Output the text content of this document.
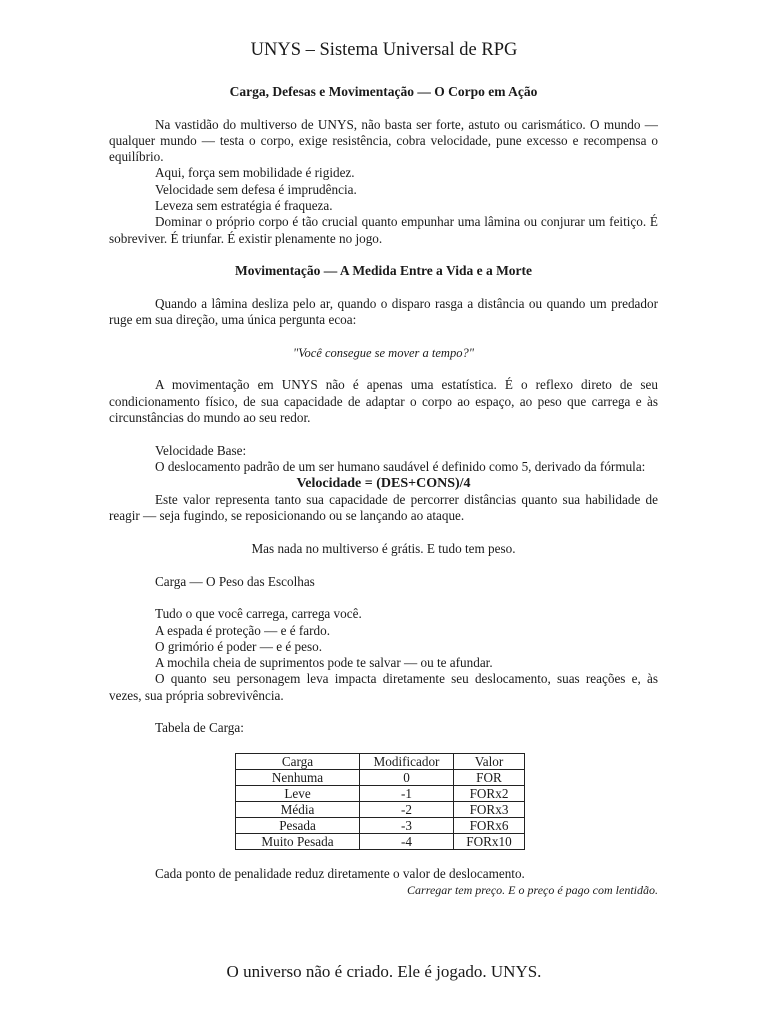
UNYS – Sistema Universal de RPG

Carga, Defesas e Movimentação — O Corpo em Ação

Na vastidão do multiverso de UNYS, não basta ser forte, astuto ou carismático. O mundo — qualquer mundo — testa o corpo, exige resistência, cobra velocidade, pune excesso e recompensa o equilíbrio.

Aqui, força sem mobilidade é rigidez.

Velocidade sem defesa é imprudência.

Leveza sem estratégia é fraqueza.

Dominar o próprio corpo é tão crucial quanto empunhar uma lâmina ou conjurar um feitiço. É sobreviver. É triunfar. É existir plenamente no jogo.

Movimentação — A Medida Entre a Vida e a Morte

Quando a lâmina desliza pelo ar, quando o disparo rasga a distância ou quando um predador ruge em sua direção, uma única pergunta ecoa:

"Você consegue se mover a tempo?"

A movimentação em UNYS não é apenas uma estatística. É o reflexo direto de seu condicionamento físico, de sua capacidade de adaptar o corpo ao espaço, ao peso que carrega e às circunstâncias do mundo ao seu redor.

Velocidade Base:

O deslocamento padrão de um ser humano saudável é definido como 5, derivado da fórmula:

Velocidade = (DES+CONS)/4

Este valor representa tanto sua capacidade de percorrer distâncias quanto sua habilidade de reagir — seja fugindo, se reposicionando ou se lançando ao ataque.

Mas nada no multiverso é grátis. E tudo tem peso.

Carga — O Peso das Escolhas

Tudo o que você carrega, carrega você.

A espada é proteção — e é fardo.

O grimório é poder — e é peso.

A mochila cheia de suprimentos pode te salvar — ou te afundar.

O quanto seu personagem leva impacta diretamente seu deslocamento, suas reações e, às vezes, sua própria sobrevivência.

Tabela de Carga:

Carga	Modificador	Valor
Nenhuma	0	FOR
Leve	-1	FORx2
Média	-2	FORx3
Pesada	-3	FORx6
Muito Pesada	-4	FORx10

Cada ponto de penalidade reduz diretamente o valor de deslocamento.

Carregar tem preço. E o preço é pago com lentidão.

O universo não é criado. Ele é jogado. UNYS.
